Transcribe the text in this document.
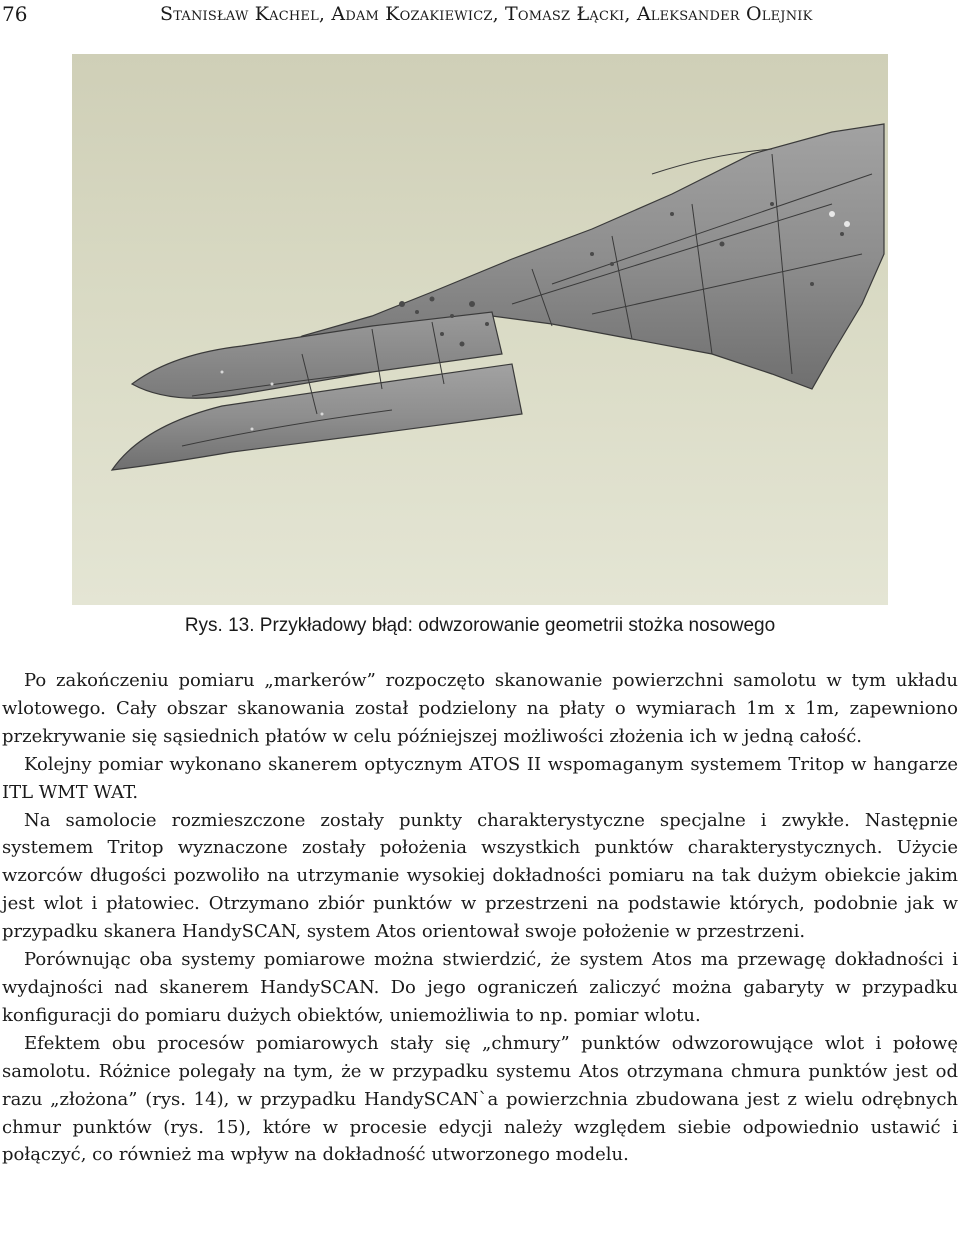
76	Stanisław Kachel, Adam Kozakiewicz, Tomasz Łącki, Aleksander Olejnik
Rys. 13. Przykładowy błąd: odwzorowanie geometrii stożka nosowego

Po zakończeniu pomiaru „markerów” rozpoczęto skanowanie powierzchni samolotu w tym układu wlotowego. Cały obszar skanowania został podzielony na płaty o wymiarach 1m x 1m, zapewniono przekrywanie się sąsiednich płatów w celu późniejszej możliwości złożenia ich w jedną całość.

Kolejny pomiar wykonano skanerem optycznym ATOS II wspomaganym systemem Tritop w hangarze ITL WMT WAT.

Na samolocie rozmieszczone zostały punkty charakterystyczne specjalne i zwykłe. Następnie systemem Tritop wyznaczone zostały położenia wszystkich punktów charakterystycznych. Użycie wzorców długości pozwoliło na utrzymanie wysokiej dokładności pomiaru na tak dużym obiekcie jakim jest wlot i płatowiec. Otrzymano zbiór punktów w przestrzeni na podstawie których, podobnie jak w przypadku skanera HandySCAN, system Atos orientował swoje położenie w przestrzeni.

Porównując oba systemy pomiarowe można stwierdzić, że system Atos ma przewagę dokładności i wydajności nad skanerem HandySCAN. Do jego ograniczeń zaliczyć można gabaryty w przypadku konfiguracji do pomiaru dużych obiektów, uniemożliwia to np. pomiar wlotu.

Efektem obu procesów pomiarowych stały się „chmury” punktów odwzorowujące wlot i połowę samolotu. Różnice polegały na tym, że w przypadku systemu Atos otrzymana chmura punktów jest od razu „złożona” (rys. 14), w przypadku HandySCAN`a powierzchnia zbudowana jest z wielu odrębnych chmur punktów (rys. 15), które w procesie edycji należy względem siebie odpowiednio ustawić i połączyć, co również ma wpływ na dokładność utworzonego modelu.
